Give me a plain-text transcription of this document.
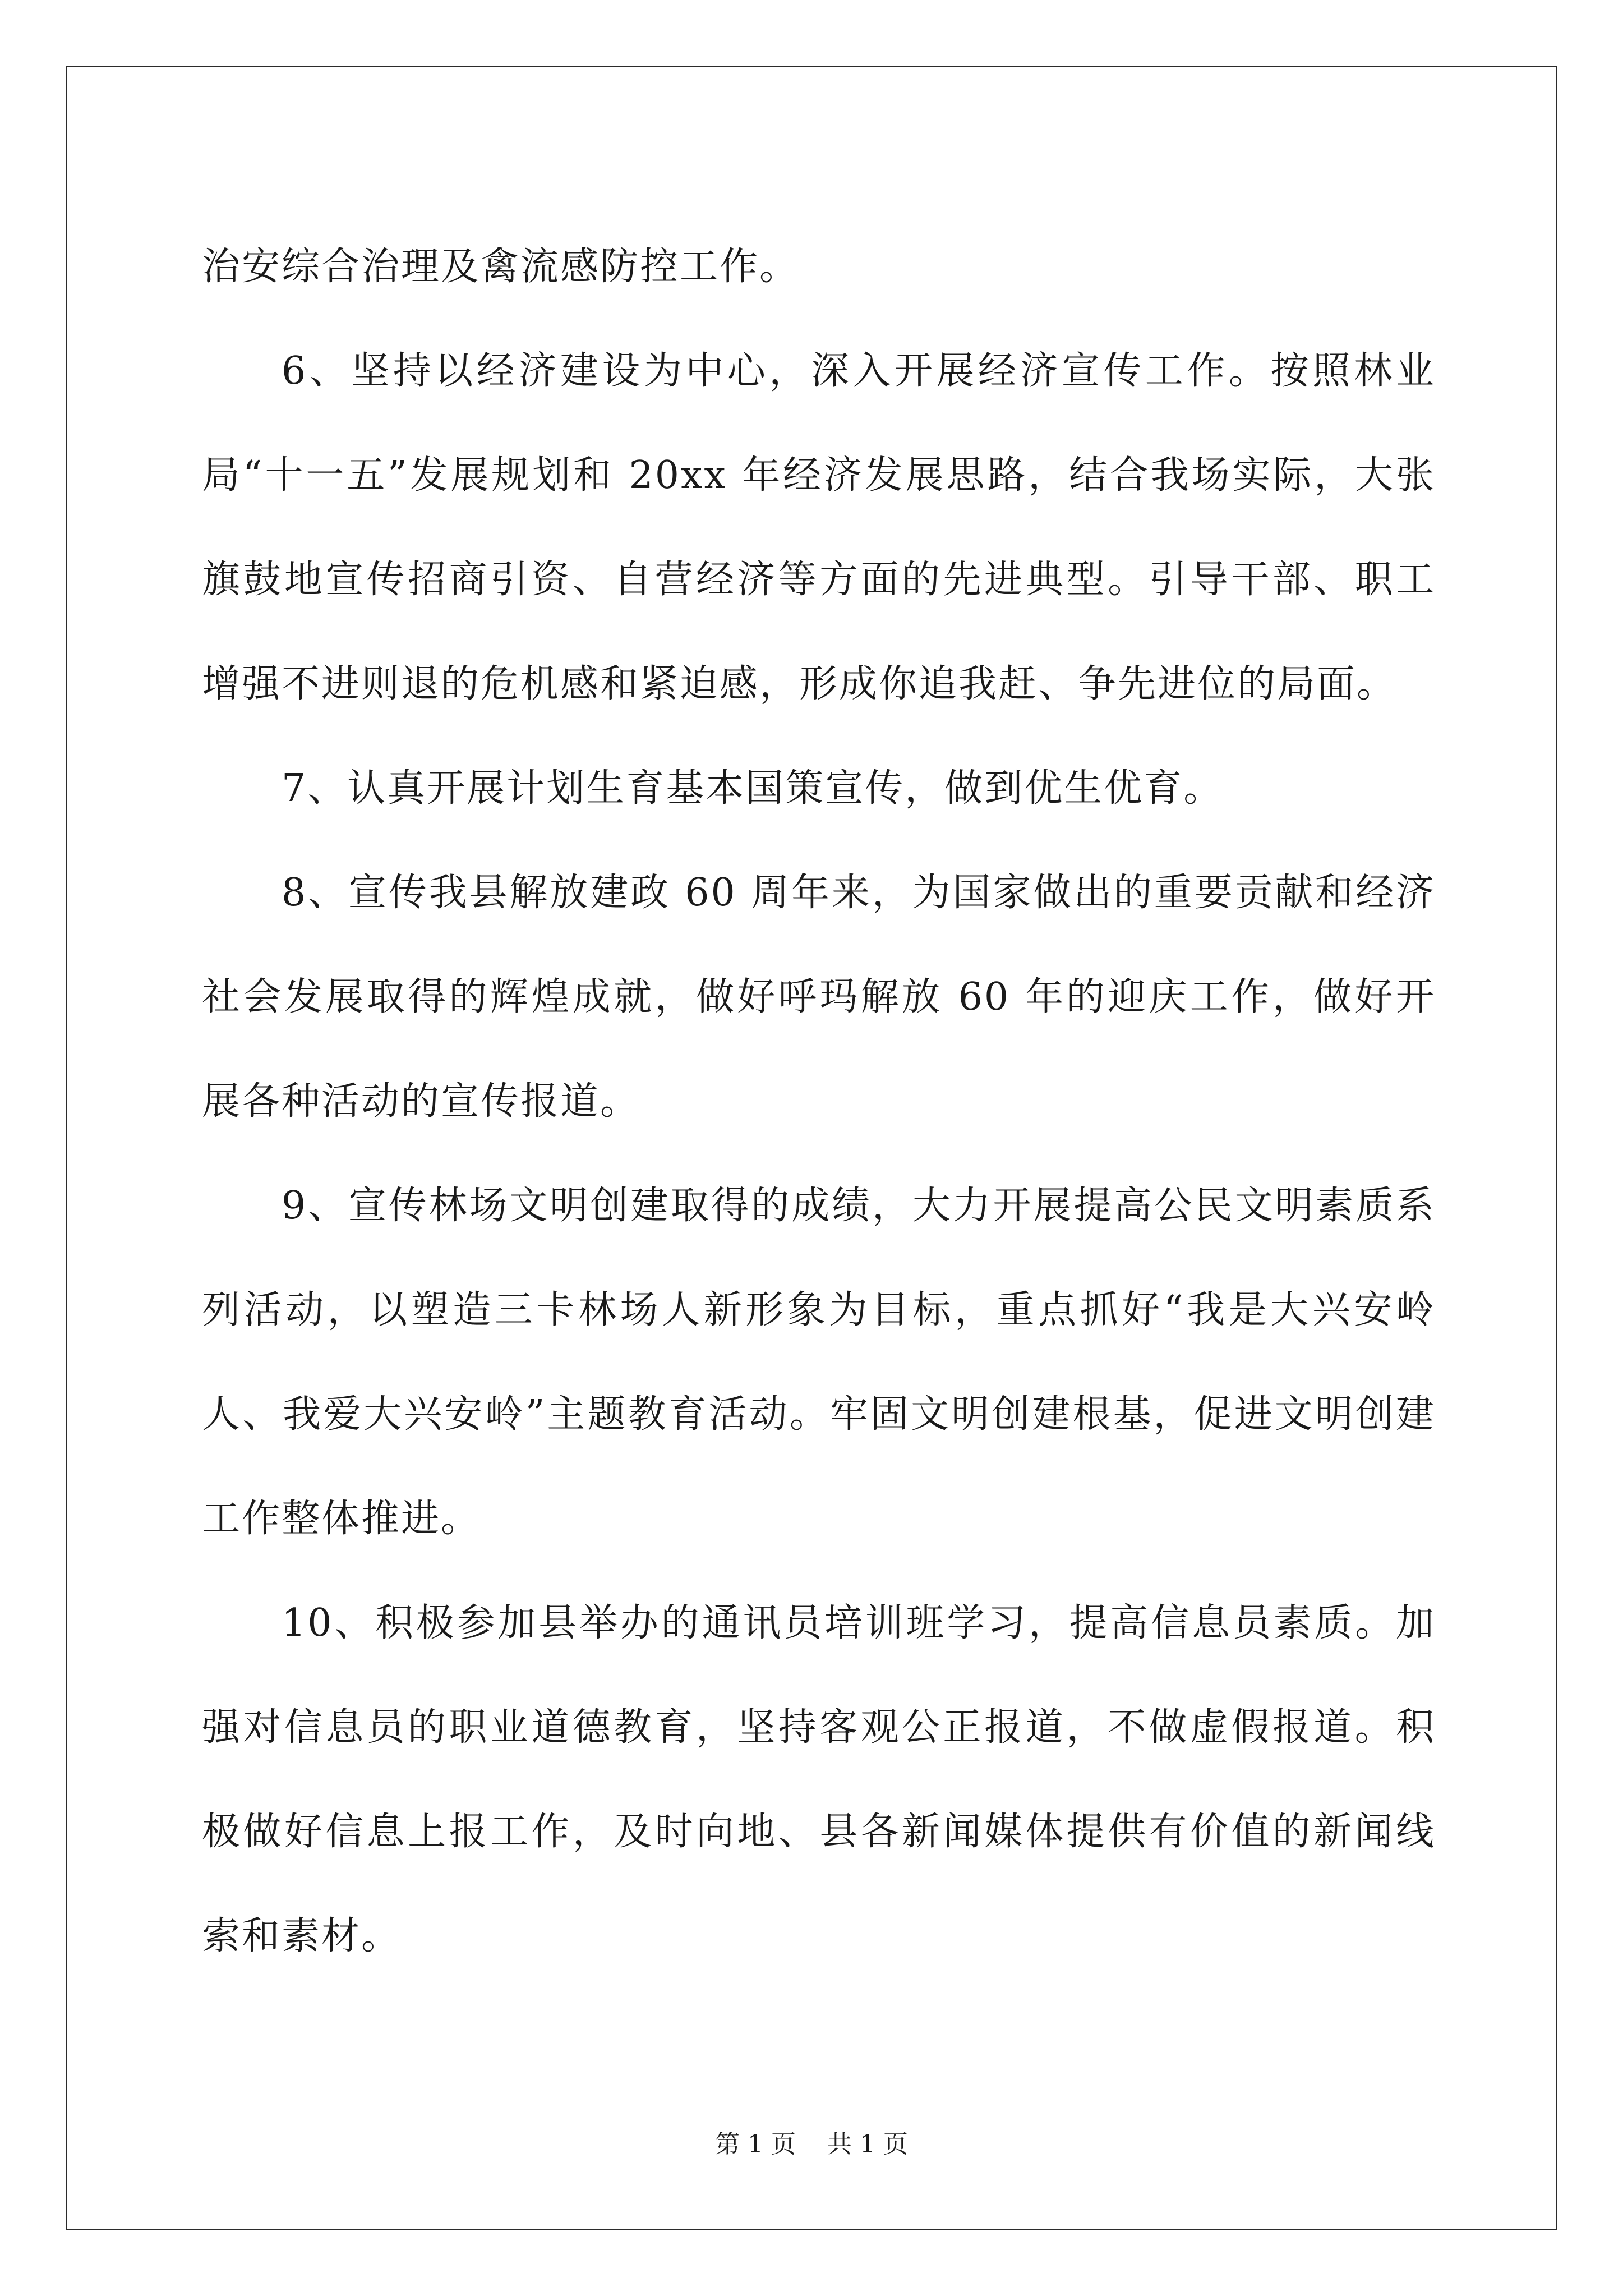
治安综合治理及禽流感防控工作。

6、坚持以经济建设为中心，深入开展经济宣传工作。按照林业局“十一五”发展规划和 20xx 年经济发展思路，结合我场实际，大张旗鼓地宣传招商引资、自营经济等方面的先进典型。引导干部、职工增强不进则退的危机感和紧迫感，形成你追我赶、争先进位的局面。

7、认真开展计划生育基本国策宣传，做到优生优育。

8、宣传我县解放建政 60 周年来，为国家做出的重要贡献和经济社会发展取得的辉煌成就，做好呼玛解放 60 年的迎庆工作，做好开展各种活动的宣传报道。

9、宣传林场文明创建取得的成绩，大力开展提高公民文明素质系列活动，以塑造三卡林场人新形象为目标，重点抓好“我是大兴安岭人、我爱大兴安岭”主题教育活动。牢固文明创建根基，促进文明创建工作整体推进。

10、积极参加县举办的通讯员培训班学习，提高信息员素质。加强对信息员的职业道德教育，坚持客观公正报道，不做虚假报道。积极做好信息上报工作，及时向地、县各新闻媒体提供有价值的新闻线索和素材。

第 1 页 共 1 页
